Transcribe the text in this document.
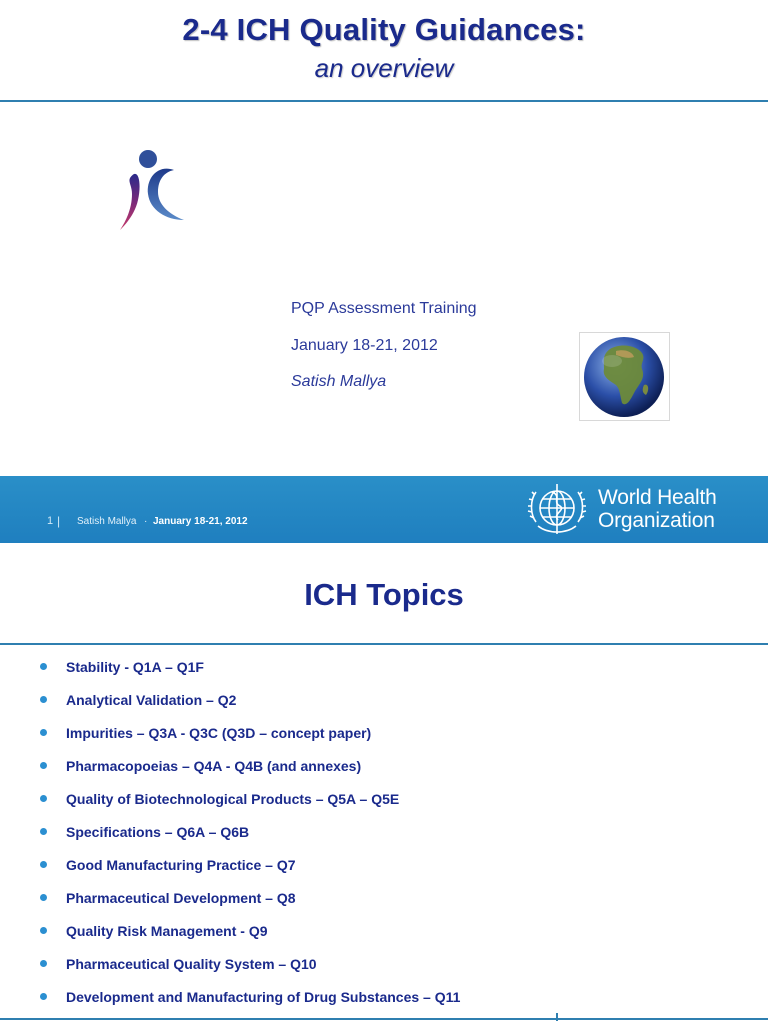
2-4 ICH Quality Guidances:
an overview
PQP Assessment Training
January 18-21, 2012
Satish Mallya
1 | Satish Mallya · January 18-21, 2012
World Health
Organization
ICH Topics
Stability - Q1A – Q1F
Analytical Validation – Q2
Impurities – Q3A - Q3C (Q3D – concept paper)
Pharmacopoeias – Q4A - Q4B (and annexes)
Quality of Biotechnological Products – Q5A – Q5E
Specifications – Q6A – Q6B
Good Manufacturing Practice – Q7
Pharmaceutical Development – Q8
Quality Risk Management - Q9
Pharmaceutical Quality System – Q10
Development and Manufacturing of Drug Substances – Q11
